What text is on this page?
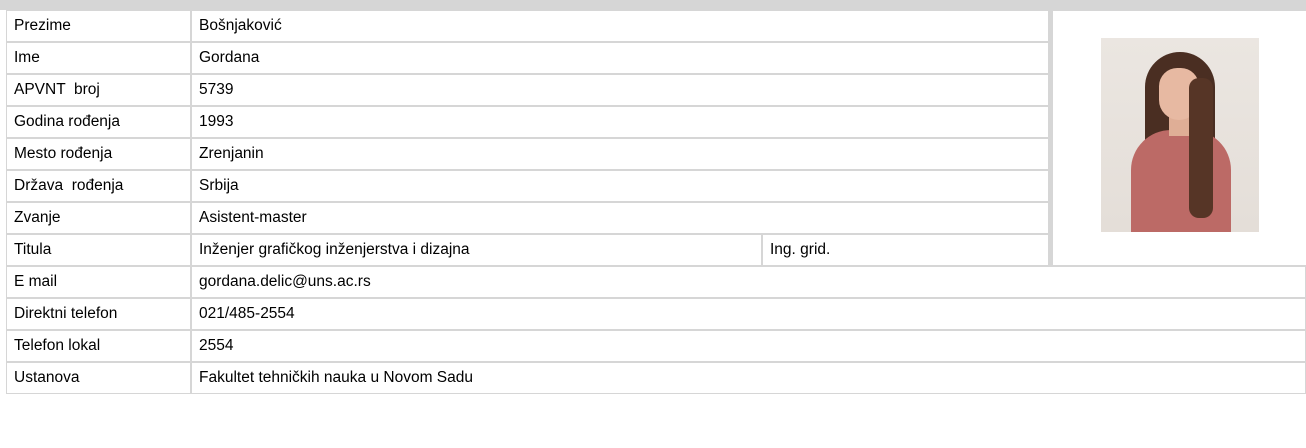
Prezime	Bošnjaković		

Ime	Gordana		
APVNT  broj	5739		
Godina rođenja	1993		
Mesto rođenja	Zrenjanin		
Država  rođenja	Srbija		
Zvanje	Asistent-master		
Titula	Inženjer grafičkog inženjerstva i dizajna	Ing. grid.	
E mail	gordana.delic@uns.ac.rs		
Direktni telefon	021/485-2554		
Telefon lokal	2554		
Ustanova	Fakultet tehničkih nauka u Novom Sadu		
